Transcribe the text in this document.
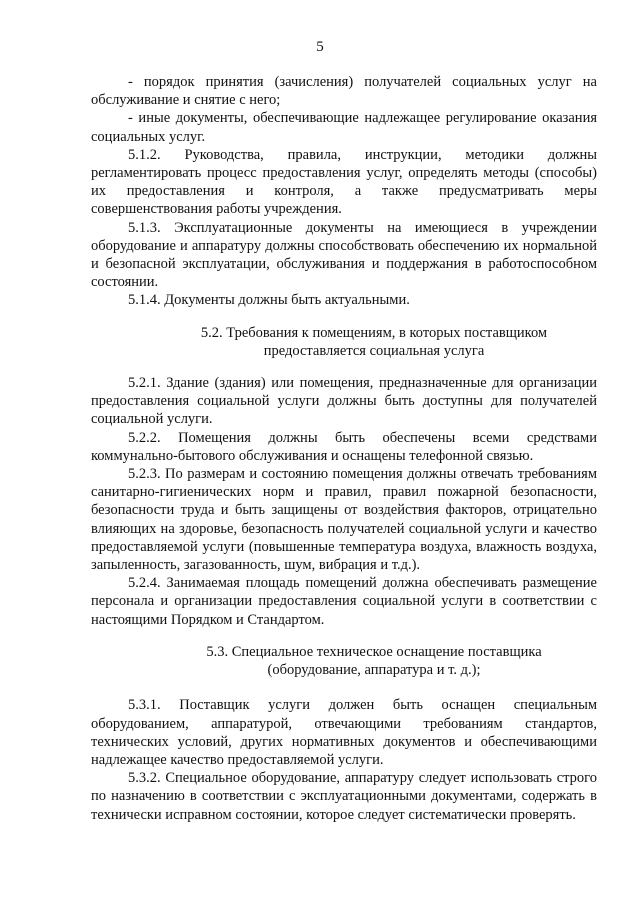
5

- порядок принятия (зачисления) получателей социальных услуг на обслуживание и снятие с него;

- иные документы, обеспечивающие надлежащее регулирование оказания социальных услуг.

5.1.2. Руководства, правила, инструкции, методики должны регламентировать процесс предоставления услуг, определять методы (способы) их предоставления и контроля, а также предусматривать меры совершенствования работы учреждения.

5.1.3. Эксплуатационные документы на имеющиеся в учреждении оборудование и аппаратуру должны способствовать обеспечению их нормальной и безопасной эксплуатации, обслуживания и поддержания в работоспособном состоянии.

5.1.4. Документы должны быть актуальными.

5.2. Требования к помещениям, в которых поставщиком

предоставляется социальная услуга

5.2.1. Здание (здания) или помещения, предназначенные для организации предоставления социальной услуги должны быть доступны для получателей социальной услуги.

5.2.2. Помещения должны быть обеспечены всеми средствами коммунально-бытового обслуживания и оснащены телефонной связью.

5.2.3. По размерам и состоянию помещения должны отвечать требованиям санитарно-гигиенических норм и правил, правил пожарной безопасности, безопасности труда и быть защищены от воздействия факторов, отрицательно влияющих на здоровье, безопасность получателей социальной услуги и качество предоставляемой услуги (повышенные температура воздуха, влажность воздуха, запыленность, загазованность, шум, вибрация и т.д.).

5.2.4. Занимаемая площадь помещений должна обеспечивать размещение персонала и организации предоставления социальной услуги в соответствии с настоящими Порядком и Стандартом.

5.3. Специальное техническое оснащение поставщика

(оборудование, аппаратура и т. д.);

5.3.1. Поставщик услуги должен быть оснащен специальным оборудованием, аппаратурой, отвечающими требованиям стандартов, технических условий, других нормативных документов и обеспечивающими надлежащее качество предоставляемой услуги.

5.3.2. Специальное оборудование, аппаратуру следует использовать строго по назначению в соответствии с эксплуатационными документами, содержать в технически исправном состоянии, которое следует систематически проверять.
